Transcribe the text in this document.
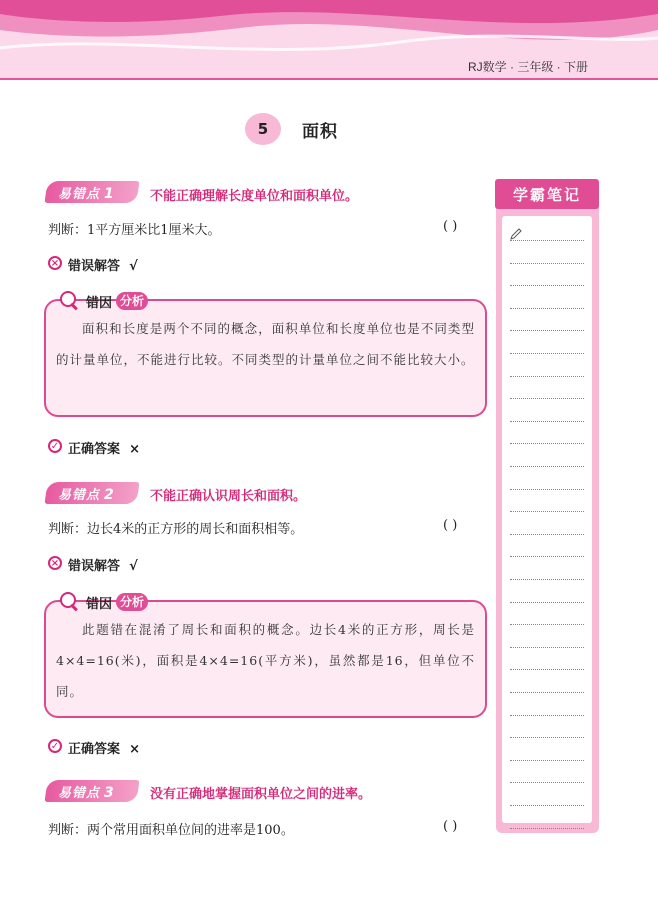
RJ数学 · 三年级 · 下册
5	面积
易错点 1	不能正确理解长度单位和面积单位。
判断：1平方厘米比1厘米大。	( )
× 错误解答 √
面积和长度是两个不同的概念，面积单位和长度单位也是不同类型的计量单位，不能进行比较。不同类型的计量单位之间不能比较大小。
错因 分析
✓ 正确答案 ×
易错点 2	不能正确认识周长和面积。
判断：边长4米的正方形的周长和面积相等。	( )
× 错误解答 √
此题错在混淆了周长和面积的概念。边长4米的正方形，周长是4×4=16(米)，面积是4×4=16(平方米)，虽然都是16，但单位不同。
错因 分析
✓ 正确答案 ×
易错点 3	没有正确地掌握面积单位之间的进率。
判断：两个常用面积单位间的进率是100。	( )
学霸笔记
